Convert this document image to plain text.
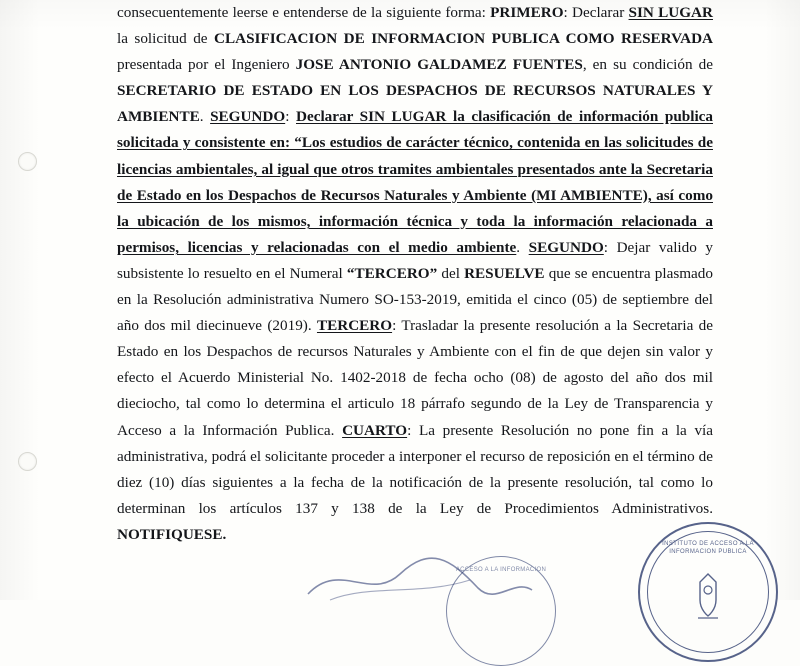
consecuentemente leerse e entenderse de la siguiente forma: PRIMERO: Declarar SIN LUGAR la solicitud de CLASIFICACION DE INFORMACION PUBLICA COMO RESERVADA presentada por el Ingeniero JOSE ANTONIO GALDAMEZ FUENTES, en su condición de SECRETARIO DE ESTADO EN LOS DESPACHOS DE RECURSOS NATURALES Y AMBIENTE. SEGUNDO: Declarar SIN LUGAR la clasificación de información publica solicitada y consistente en: “Los estudios de carácter técnico, contenida en las solicitudes de licencias ambientales, al igual que otros tramites ambientales presentados ante la Secretaria de Estado en los Despachos de Recursos Naturales y Ambiente (MI AMBIENTE), así como la ubicación de los mismos, información técnica y toda la información relacionada a permisos, licencias y relacionadas con el medio ambiente. SEGUNDO: Dejar valido y subsistente lo resuelto en el Numeral “TERCERO” del RESUELVE que se encuentra plasmado en la Resolución administrativa Numero SO-153-2019, emitida el cinco (05) de septiembre del año dos mil diecinueve (2019). TERCERO: Trasladar la presente resolución a la Secretaria de Estado en los Despachos de recursos Naturales y Ambiente con el fin de que dejen sin valor y efecto el Acuerdo Ministerial No. 1402-2018 de fecha ocho (08) de agosto del año dos mil dieciocho, tal como lo determina el articulo 18 párrafo segundo de la Ley de Transparencia y Acceso a la Información Publica. CUARTO: La presente Resolución no pone fin a la vía administrativa, podrá el solicitante proceder a interponer el recurso de reposición en el término de diez (10) días siguientes a la fecha de la notificación de la presente resolución, tal como lo determinan los artículos 137 y 138 de la Ley de Procedimientos Administrativos. NOTIFIQUESE.

ACCESO A LA INFORMACION
INSTITUTO DE ACCESO A LA INFORMACION PUBLICA
